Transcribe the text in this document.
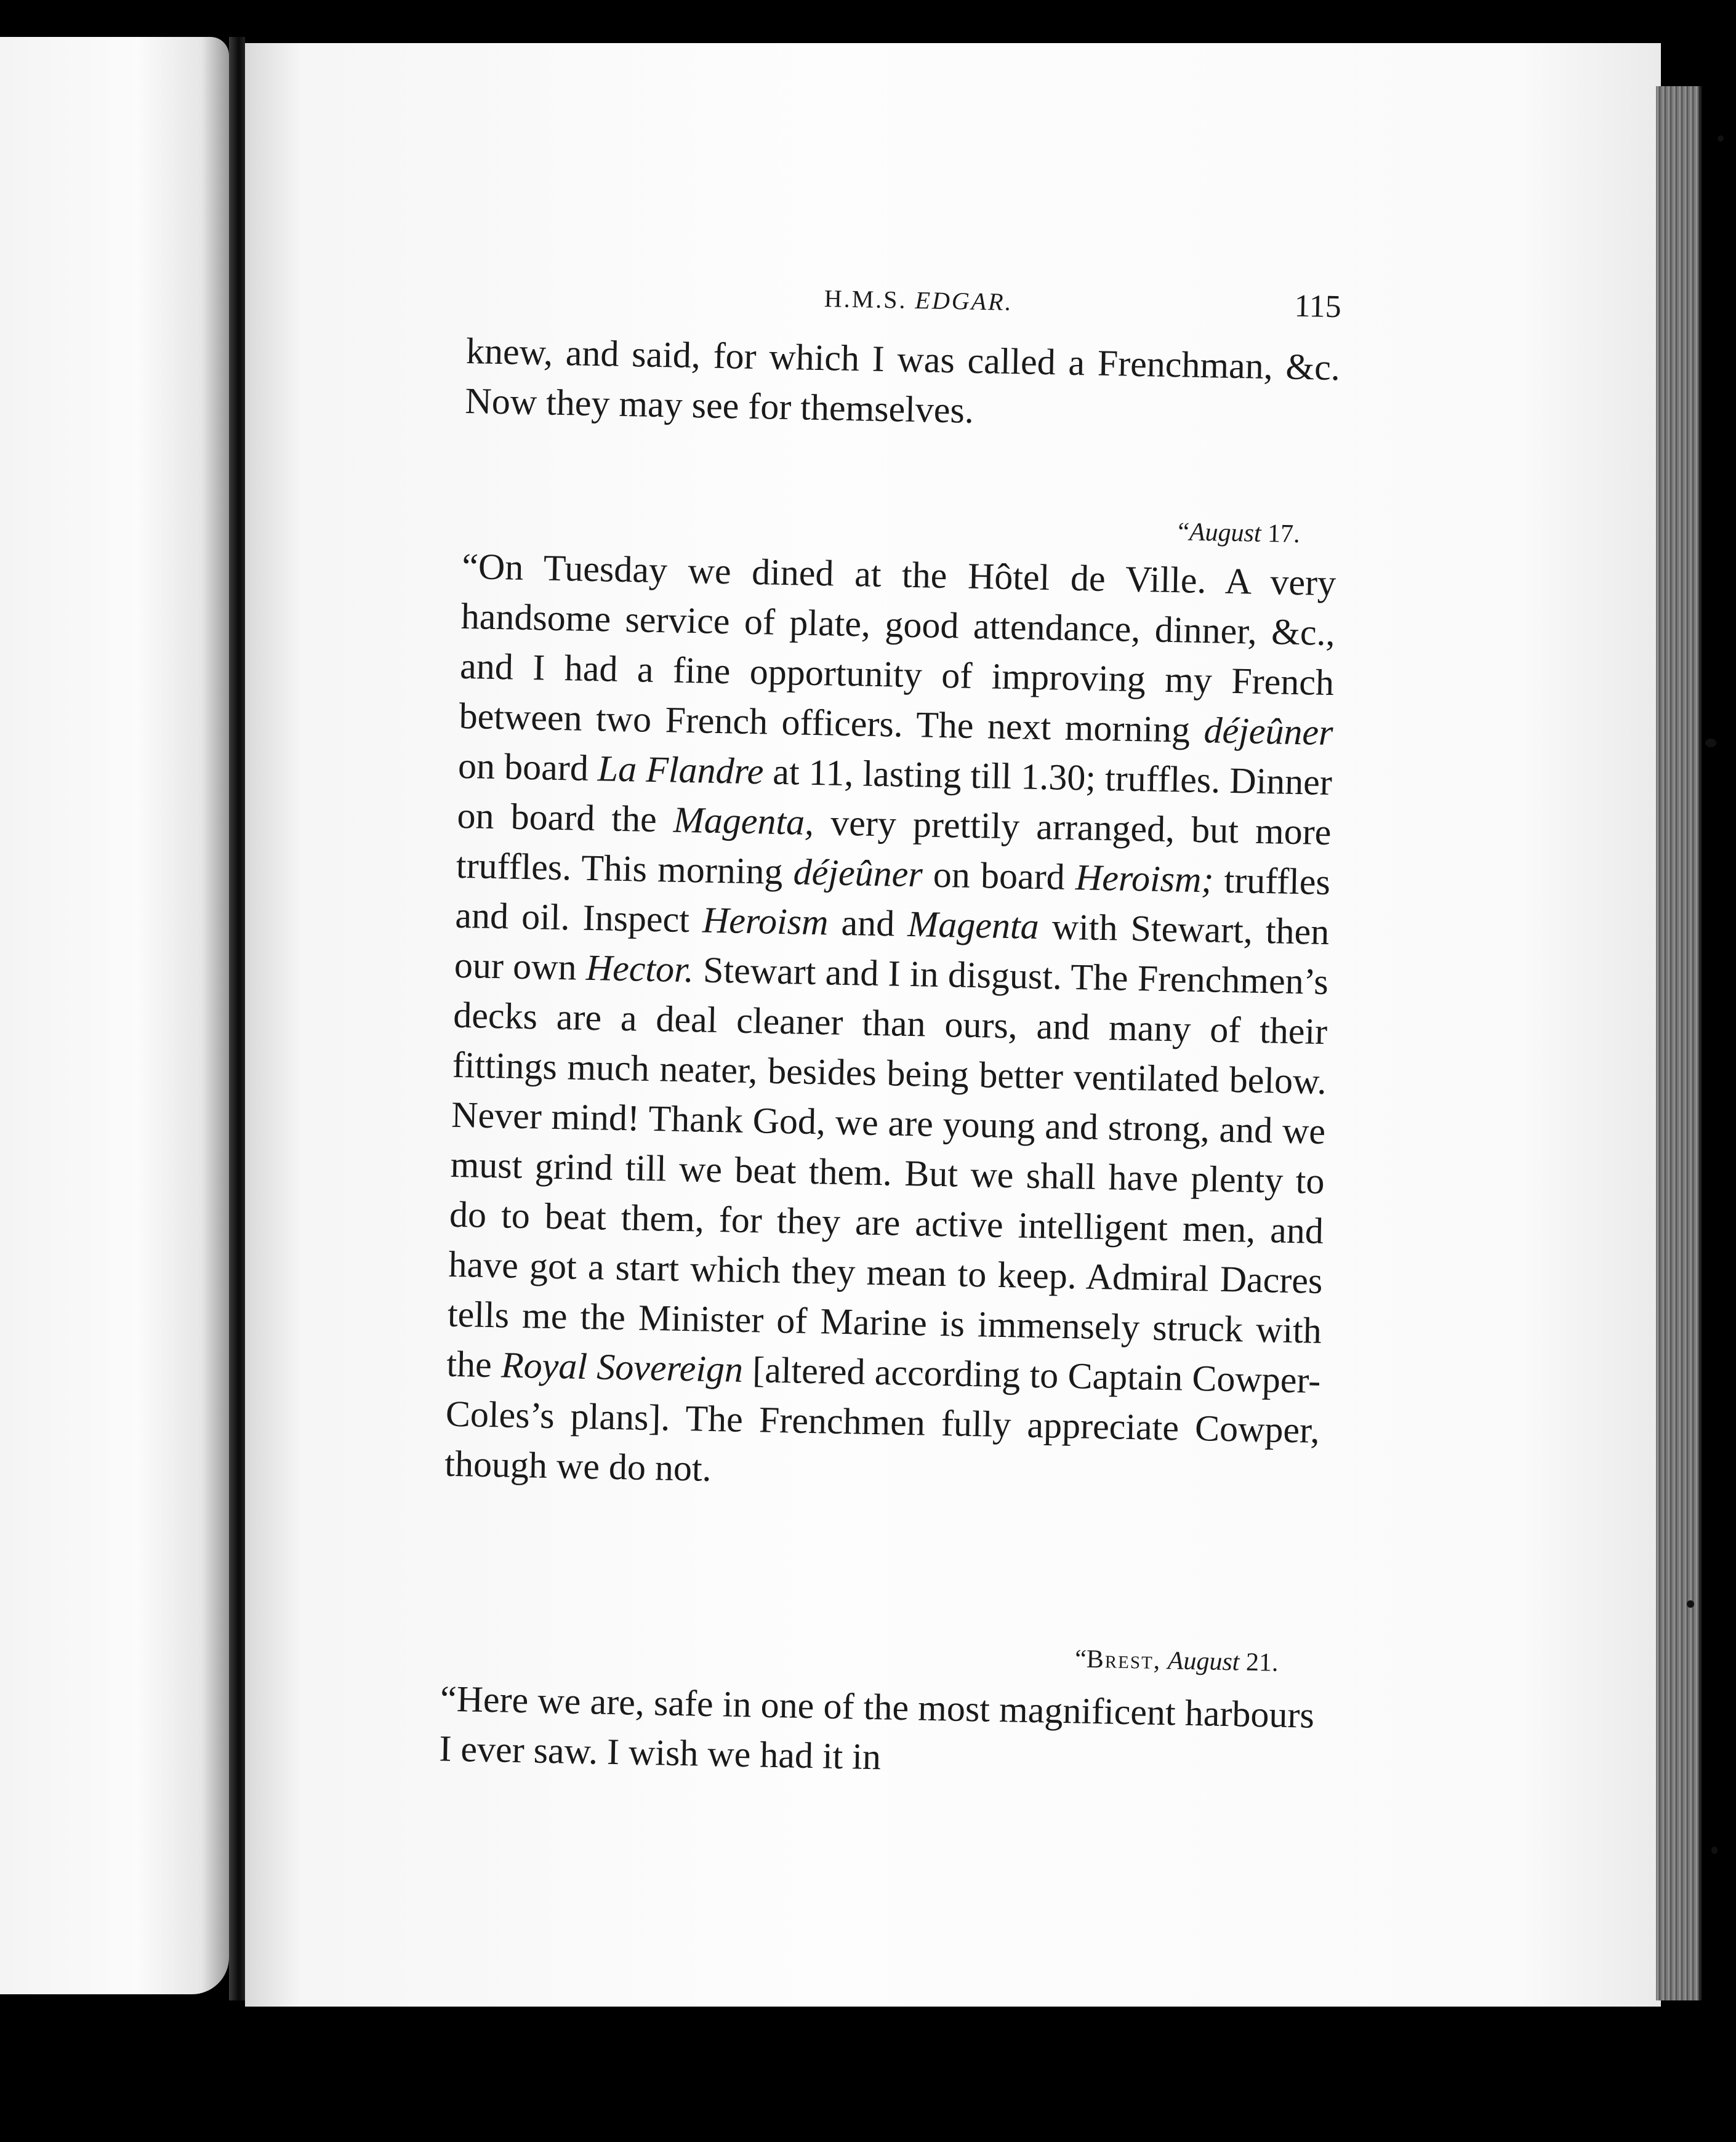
H.M.S. EDGAR.	115
knew, and said, for which I was called a Frenchman, &c. Now they may see for themselves.
“August 17.
“On Tuesday we dined at the Hôtel de Ville. A very handsome service of plate, good attendance, dinner, &c., and I had a fine opportunity of improving my French between two French officers. The next morning déjeûner on board La Flandre at 11, lasting till 1.30; truffles. Dinner on board the Magenta, very prettily arranged, but more truffles. This morning déjeûner on board Heroism; truffles and oil. Inspect Heroism and Magenta with Stewart, then our own Hector. Stewart and I in disgust. The Frenchmen’s decks are a deal cleaner than ours, and many of their fittings much neater, besides being better ventilated below. Never mind! Thank God, we are young and strong, and we must grind till we beat them. But we shall have plenty to do to beat them, for they are active intelligent men, and have got a start which they mean to keep. Admiral Dacres tells me the Minister of Marine is immensely struck with the Royal Sovereign [altered according to Captain Cowper-Coles’s plans]. The Frenchmen fully appreciate Cowper, though we do not.
“Brest, August 21.
“Here we are, safe in one of the most magnificent harbours I ever saw. I wish we had it in
